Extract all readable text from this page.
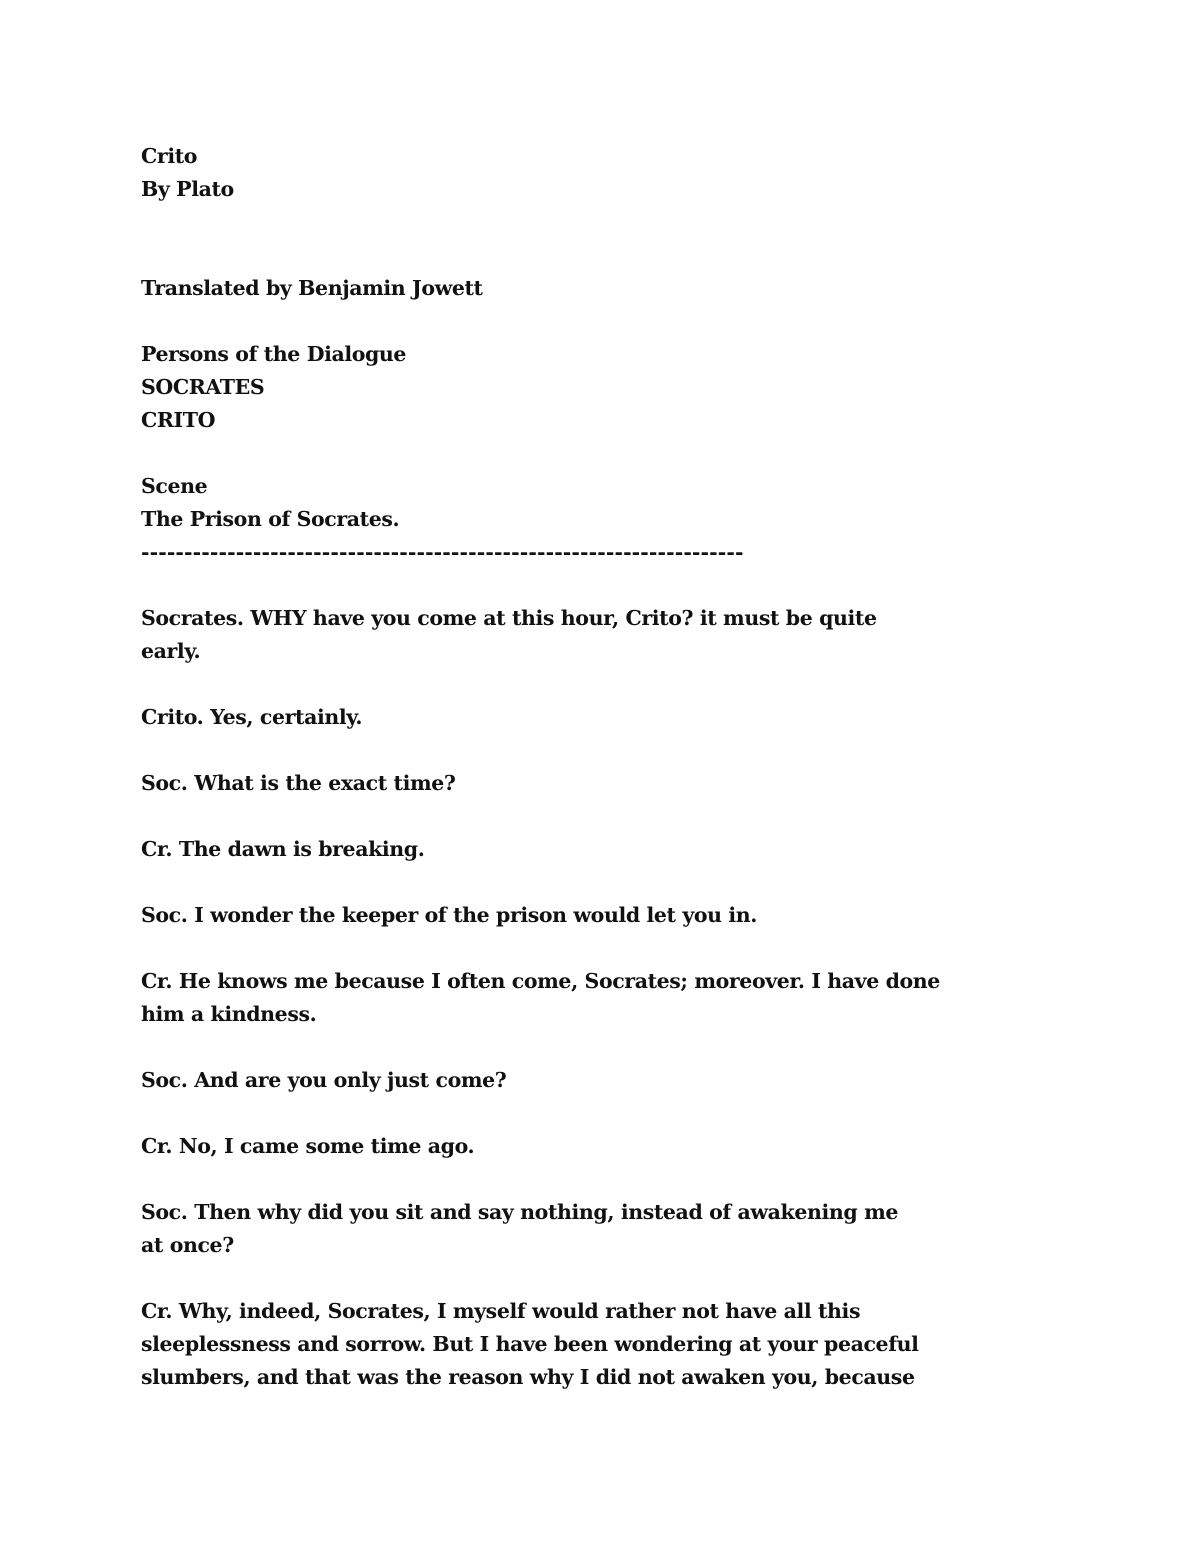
Crito
By Plato
Translated by Benjamin Jowett
Persons of the Dialogue
SOCRATES
CRITO
Scene
The Prison of Socrates.
----------------------------------------------------------------------
Socrates. WHY have you come at this hour, Crito? it must be quite
early.
Crito. Yes, certainly.
Soc. What is the exact time?
Cr. The dawn is breaking.
Soc. I wonder the keeper of the prison would let you in.
Cr. He knows me because I often come, Socrates; moreover. I have done
him a kindness.
Soc. And are you only just come?
Cr. No, I came some time ago.
Soc. Then why did you sit and say nothing, instead of awakening me
at once?
Cr. Why, indeed, Socrates, I myself would rather not have all this
sleeplessness and sorrow. But I have been wondering at your peaceful
slumbers, and that was the reason why I did not awaken you, because
